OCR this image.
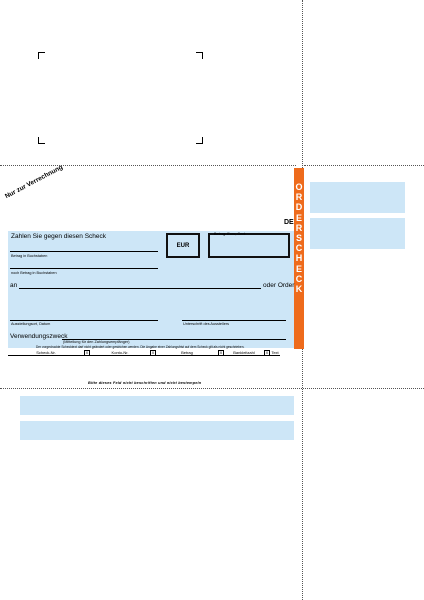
Nur zur Verrechnung
DE
O
R
D
E
R
S
C
H
E
C
K
Zahlen Sie gegen diesen Scheck
Betrag in Buchstaben
noch Betrag in Buchstaben
EUR
Betrag: Euro, Cent
an	oder Order
Ausstellungsort, Datum	Unterschrift des Ausstellers
Verwendungszweck
(Mitteilung für den Zahlungsempfänger)
Der vorgedruckte Schecktext darf nicht geändert oder gestrichen werden. Die Angabe einer Zahlungsfrist auf dem Scheck gilt als nicht geschrieben.
Scheck-Nr.	X	Konto-Nr.	X	Betrag	X	Bankleitzahl	X Text
Bitte dieses Feld nicht beschriften und nicht bestempeln
